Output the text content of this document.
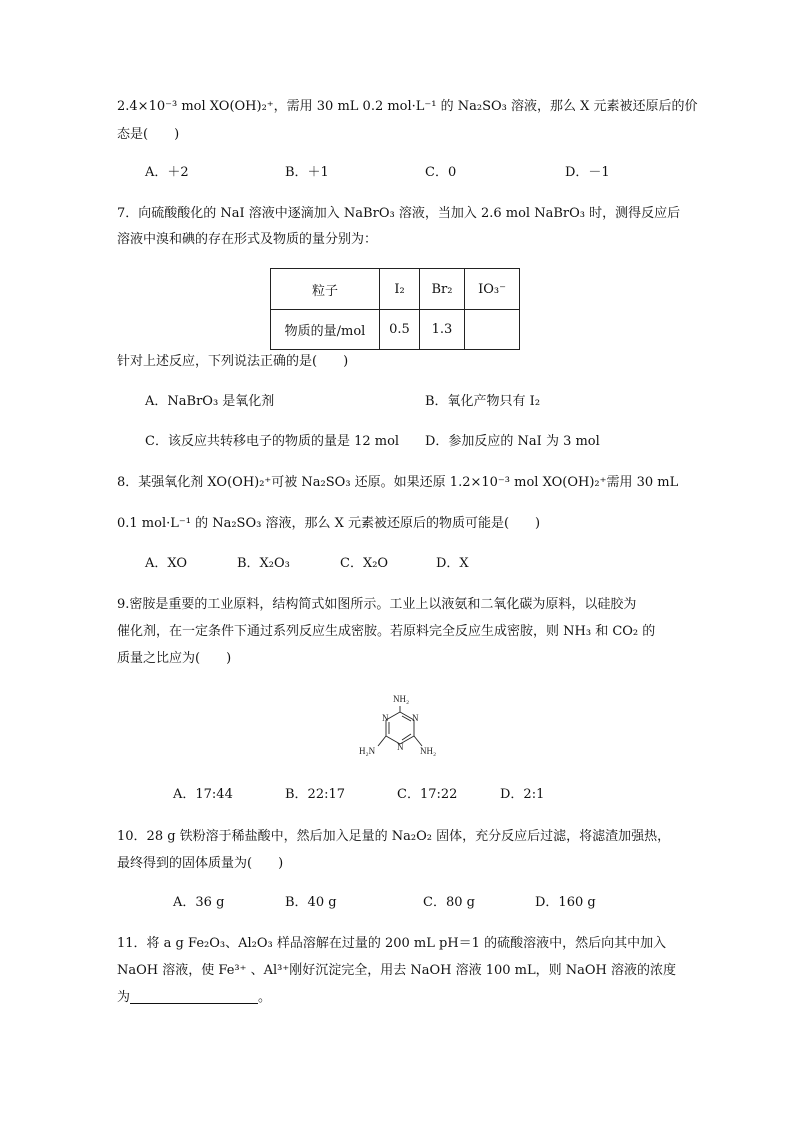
2.4×10⁻³ mol XO(OH)₂⁺，需用 30 mL 0.2 mol·L⁻¹ 的 Na₂SO₃ 溶液，那么 X 元素被还原后的价
态是(　　)
A．＋2	B．＋1	C．0	D．－1
7．向硫酸酸化的 NaI 溶液中逐滴加入 NaBrO₃ 溶液，当加入 2.6 mol NaBrO₃ 时，测得反应后
溶液中溴和碘的存在形式及物质的量分别为：
粒子	I₂	Br₂	IO₃⁻
物质的量/mol	0.5	1.3	
针对上述反应，下列说法正确的是(　　)
A．NaBrO₃ 是氧化剂	B．氧化产物只有 I₂
C．该反应共转移电子的物质的量是 12 mol D．参加反应的 NaI 为 3 mol
8．某强氧化剂 XO(OH)₂⁺可被 Na₂SO₃ 还原。如果还原 1.2×10⁻³ mol XO(OH)₂⁺需用 30 mL
0.1 mol·L⁻¹ 的 Na₂SO₃ 溶液，那么 X 元素被还原后的物质可能是(　　)
A．XO	B．X₂O₃	C．X₂O	D．X
9.密胺是重要的工业原料，结构简式如图所示。工业上以液氨和二氧化碳为原料，以硅胶为
催化剂，在一定条件下通过系列反应生成密胺。若原料完全反应生成密胺，则 NH₃ 和 CO₂ 的
质量之比应为(　　)
NH₂
H₂N	NH₂
N
N
N
A．17:44	B．22:17	C．17:22	D．2:1
10．28 g 铁粉溶于稀盐酸中，然后加入足量的 Na₂O₂ 固体，充分反应后过滤，将滤渣加强热，
最终得到的固体质量为(　　)
A．36 g	B．40 g	C．80 g	D．160 g
11．将 a g Fe₂O₃、Al₂O₃ 样品溶解在过量的 200 mL pH＝1 的硫酸溶液中，然后向其中加入
NaOH 溶液，使 Fe³⁺ 、Al³⁺刚好沉淀完全，用去 NaOH 溶液 100 mL，则 NaOH 溶液的浓度
为	。
